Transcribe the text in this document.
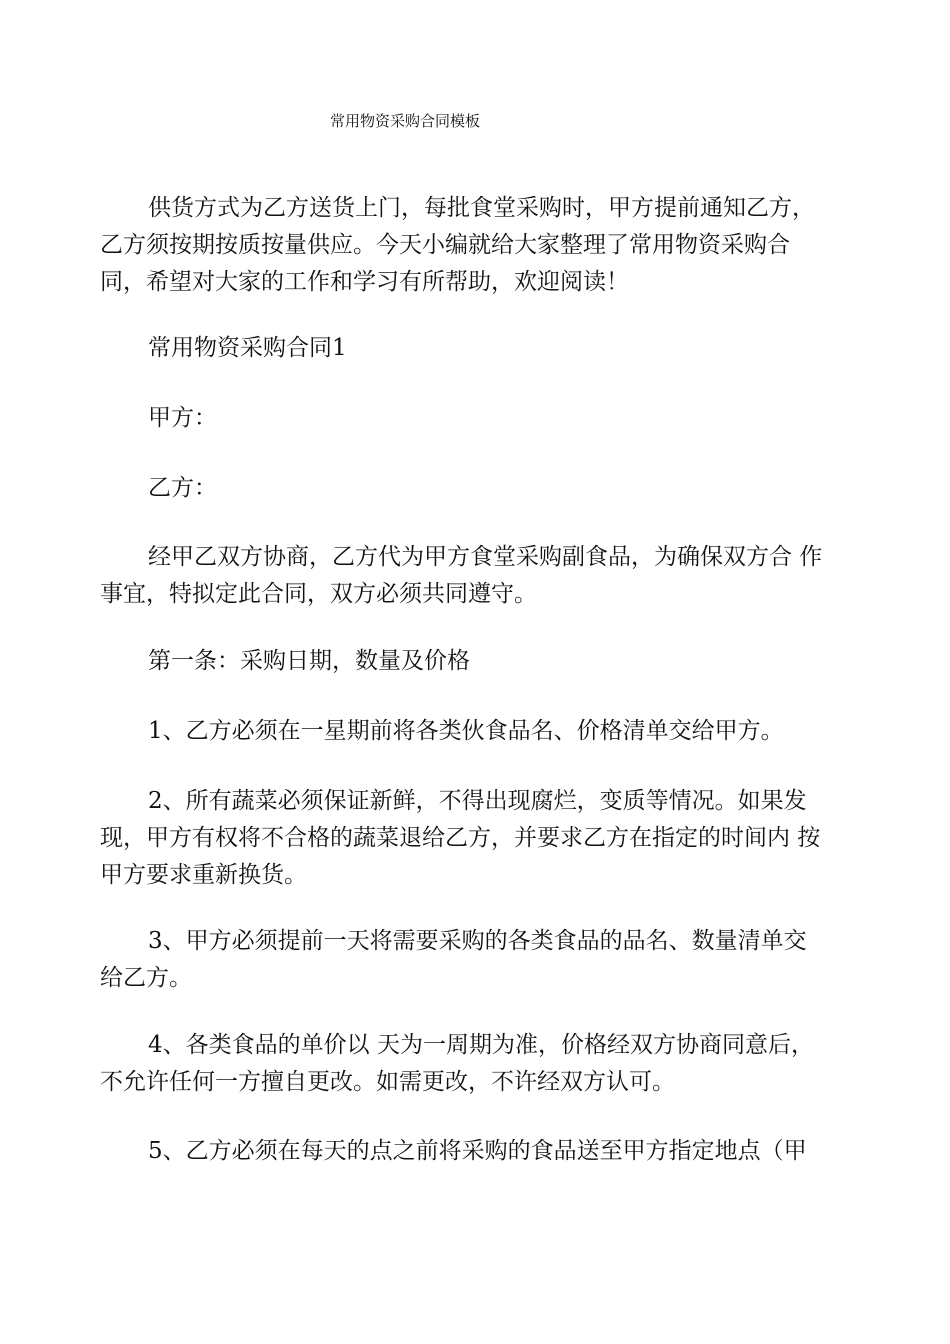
常用物资采购合同模板

供货方式为乙方送货上门，每批食堂采购时，甲方提前通知乙方，
乙方须按期按质按量供应。今天小编就给大家整理了常用物资采购合
同，希望对大家的工作和学习有所帮助，欢迎阅读！

常用物资采购合同1

甲方：

乙方：

经甲乙双方协商，乙方代为甲方食堂采购副食品，为确保双方合 作
事宜，特拟定此合同，双方必须共同遵守。

第一条：采购日期，数量及价格

1、乙方必须在一星期前将各类伙食品名、价格清单交给甲方。

2、所有蔬菜必须保证新鲜，不得出现腐烂，变质等情况。如果发
现，甲方有权将不合格的蔬菜退给乙方，并要求乙方在指定的时间内 按
甲方要求重新换货。

3、甲方必须提前一天将需要采购的各类食品的品名、数量清单交
给乙方。

4、各类食品的单价以 天为一周期为准，价格经双方协商同意后，
不允许任何一方擅自更改。如需更改，不许经双方认可。

5、乙方必须在每天的点之前将采购的食品送至甲方指定地点（甲
